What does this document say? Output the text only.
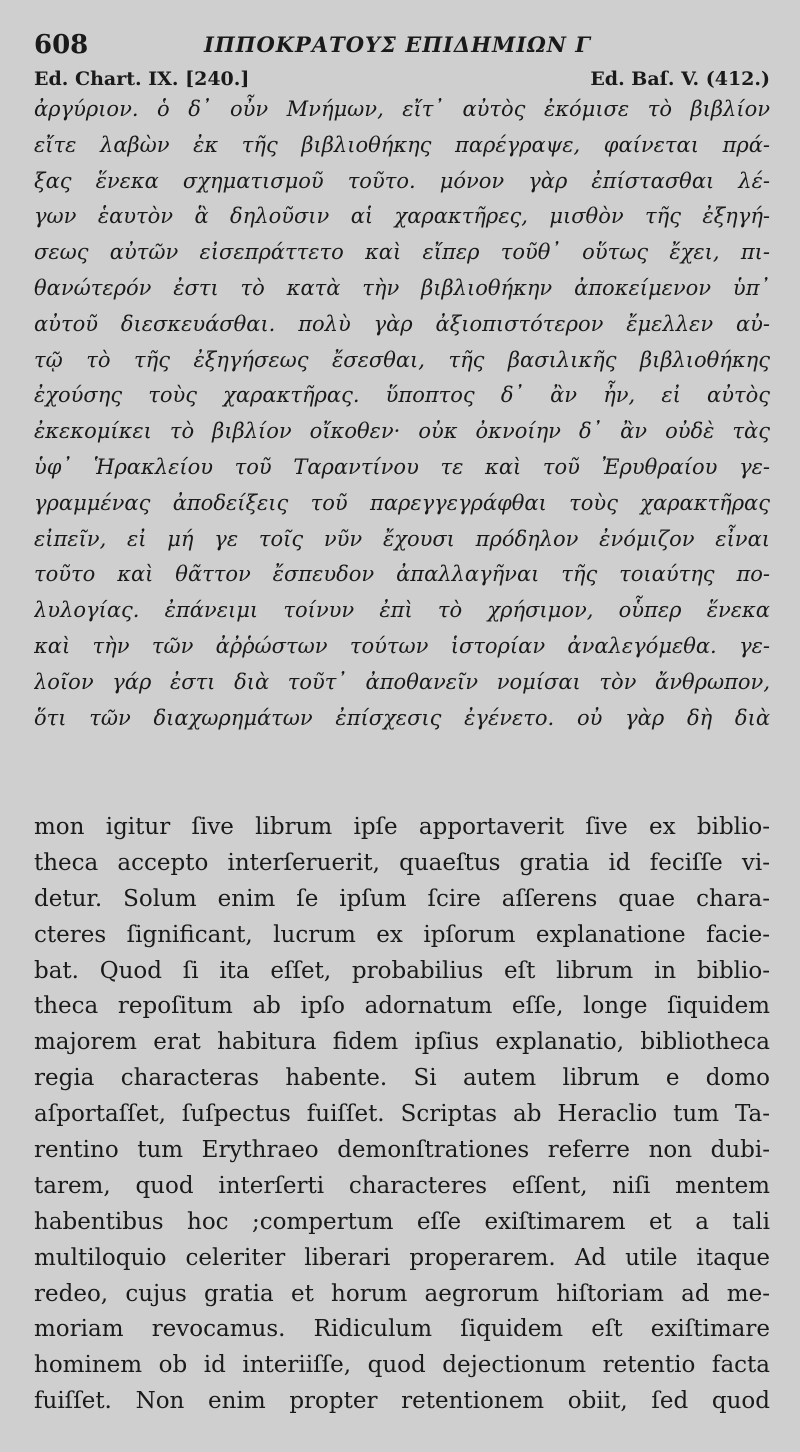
608	ΙΠΠΟΚΡΑΤΟΥΣ ΕΠΙΔΗΜΙΩΝ Γ
Ed. Chart. IX. [240.]	Ed. Baſ. V. (412.)
ἀργύριον. ὁ δ᾽ οὖν Μνήμων, εἴτ᾽ αὐτὸς ἐκόμισε τὸ βιβλίον
εἴτε λαβὼν ἐκ τῆς βιβλιοθήκης παρέγραψε, φαίνεται πρά-
ξας ἕνεκα σχηματισμοῦ τοῦτο. μόνον γὰρ ἐπίστασθαι λέ-
γων ἑαυτὸν ἃ δηλοῦσιν αἱ χαρακτῆρες, μισθὸν τῆς ἐξηγή-
σεως αὐτῶν εἰσεπράττετο καὶ εἴπερ τοῦθ᾽ οὕτως ἔχει, πι-
θανώτερόν ἐστι τὸ κατὰ τὴν βιβλιοθήκην ἀποκείμενον ὑπ᾽
αὐτοῦ διεσκευάσθαι. πολὺ γὰρ ἀξιοπιστότερον ἔμελλεν αὐ-
τῷ τὸ τῆς ἐξηγήσεως ἔσεσθαι, τῆς βασιλικῆς βιβλιοθήκης
ἐχούσης τοὺς χαρακτῆρας. ὕποπτος δ᾽ ἂν ἦν, εἰ αὐτὸς
ἐκεκομίκει τὸ βιβλίον οἴκοθεν· οὐκ ὀκνοίην δ᾽ ἂν οὐδὲ τὰς
ὑφ᾽ Ἡρακλείου τοῦ Ταραντίνου τε καὶ τοῦ Ἐρυθραίου γε-
γραμμένας ἀποδείξεις τοῦ παρεγγεγράφθαι τοὺς χαρακτῆρας
εἰπεῖν, εἰ μή γε τοῖς νῦν ἔχουσι πρόδηλον ἐνόμιζον εἶναι
τοῦτο καὶ θᾶττον ἔσπευδον ἀπαλλαγῆναι τῆς τοιαύτης πο-
λυλογίας. ἐπάνειμι τοίνυν ἐπὶ τὸ χρήσιμον, οὗπερ ἕνεκα
καὶ τὴν τῶν ἀῤῥώστων τούτων ἱστορίαν ἀναλεγόμεθα. γε-
λοῖον γάρ ἐστι διὰ τοῦτ᾽ ἀποθανεῖν νομίσαι τὸν ἄνθρωπον,
ὅτι τῶν διαχωρημάτων ἐπίσχεσις ἐγένετο. οὐ γὰρ δὴ διὰ
mon igitur ſive librum ipſe apportaverit ſive ex biblio-
theca accepto interſeruerit, quaeſtus gratia id feciſſe vi-
detur. Solum enim ſe ipſum ſcire aſſerens quae chara-
cteres ſignificant, lucrum ex ipſorum explanatione facie-
bat. Quod ſi ita eſſet, probabilius eſt librum in biblio-
theca repoſitum ab ipſo adornatum eſſe, longe ſiquidem
majorem erat habitura fidem ipſius explanatio, bibliotheca
regia characteras habente. Si autem librum e domo
aſportaſſet, ſuſpectus fuiſſet. Scriptas ab Heraclio tum Ta-
rentino tum Erythraeo demonſtrationes referre non dubi-
tarem, quod interſerti characteres eſſent, niſi mentem
habentibus hoc ;compertum eſſe exiſtimarem et a tali
multiloquio celeriter liberari properarem. Ad utile itaque
redeo, cujus gratia et horum aegrorum hiſtoriam ad me-
moriam revocamus. Ridiculum ſiquidem eſt exiſtimare
hominem ob id interiiſſe, quod dejectionum retentio facta
fuiſſet. Non enim propter retentionem obiit, ſed quod
